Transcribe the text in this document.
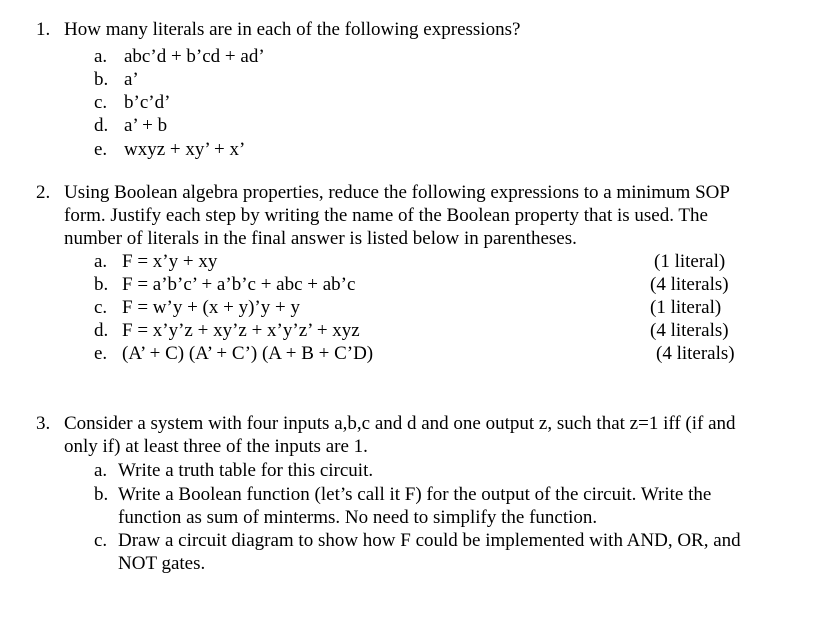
1. How many literals are in each of the following expressions?
a. abc’d + b’cd + ad’
b. a’
c. b’c’d’
d. a’ + b
e. wxyz + xy’ + x’
2. Using Boolean algebra properties, reduce the following expressions to a minimum SOP
form. Justify each step by writing the name of the Boolean property that is used. The
number of literals in the final answer is listed below in parentheses.
a. F = x’y + xy	(1 literal)
b. F = a’b’c’ + a’b’c + abc + ab’c	(4 literals)
c. F = w’y + (x + y)’y + y	(1 literal)
d. F = x’y’z + xy’z + x’y’z’ + xyz	(4 literals)
e. (A’ + C) (A’ + C’) (A + B + C’D)	(4 literals)
3. Consider a system with four inputs a,b,c and d and one output z, such that z=1 iff (if and
only if) at least three of the inputs are 1.
a. Write a truth table for this circuit.
b. Write a Boolean function (let’s call it F) for the output of the circuit. Write the
function as sum of minterms. No need to simplify the function.
c. Draw a circuit diagram to show how F could be implemented with AND, OR, and
NOT gates.
